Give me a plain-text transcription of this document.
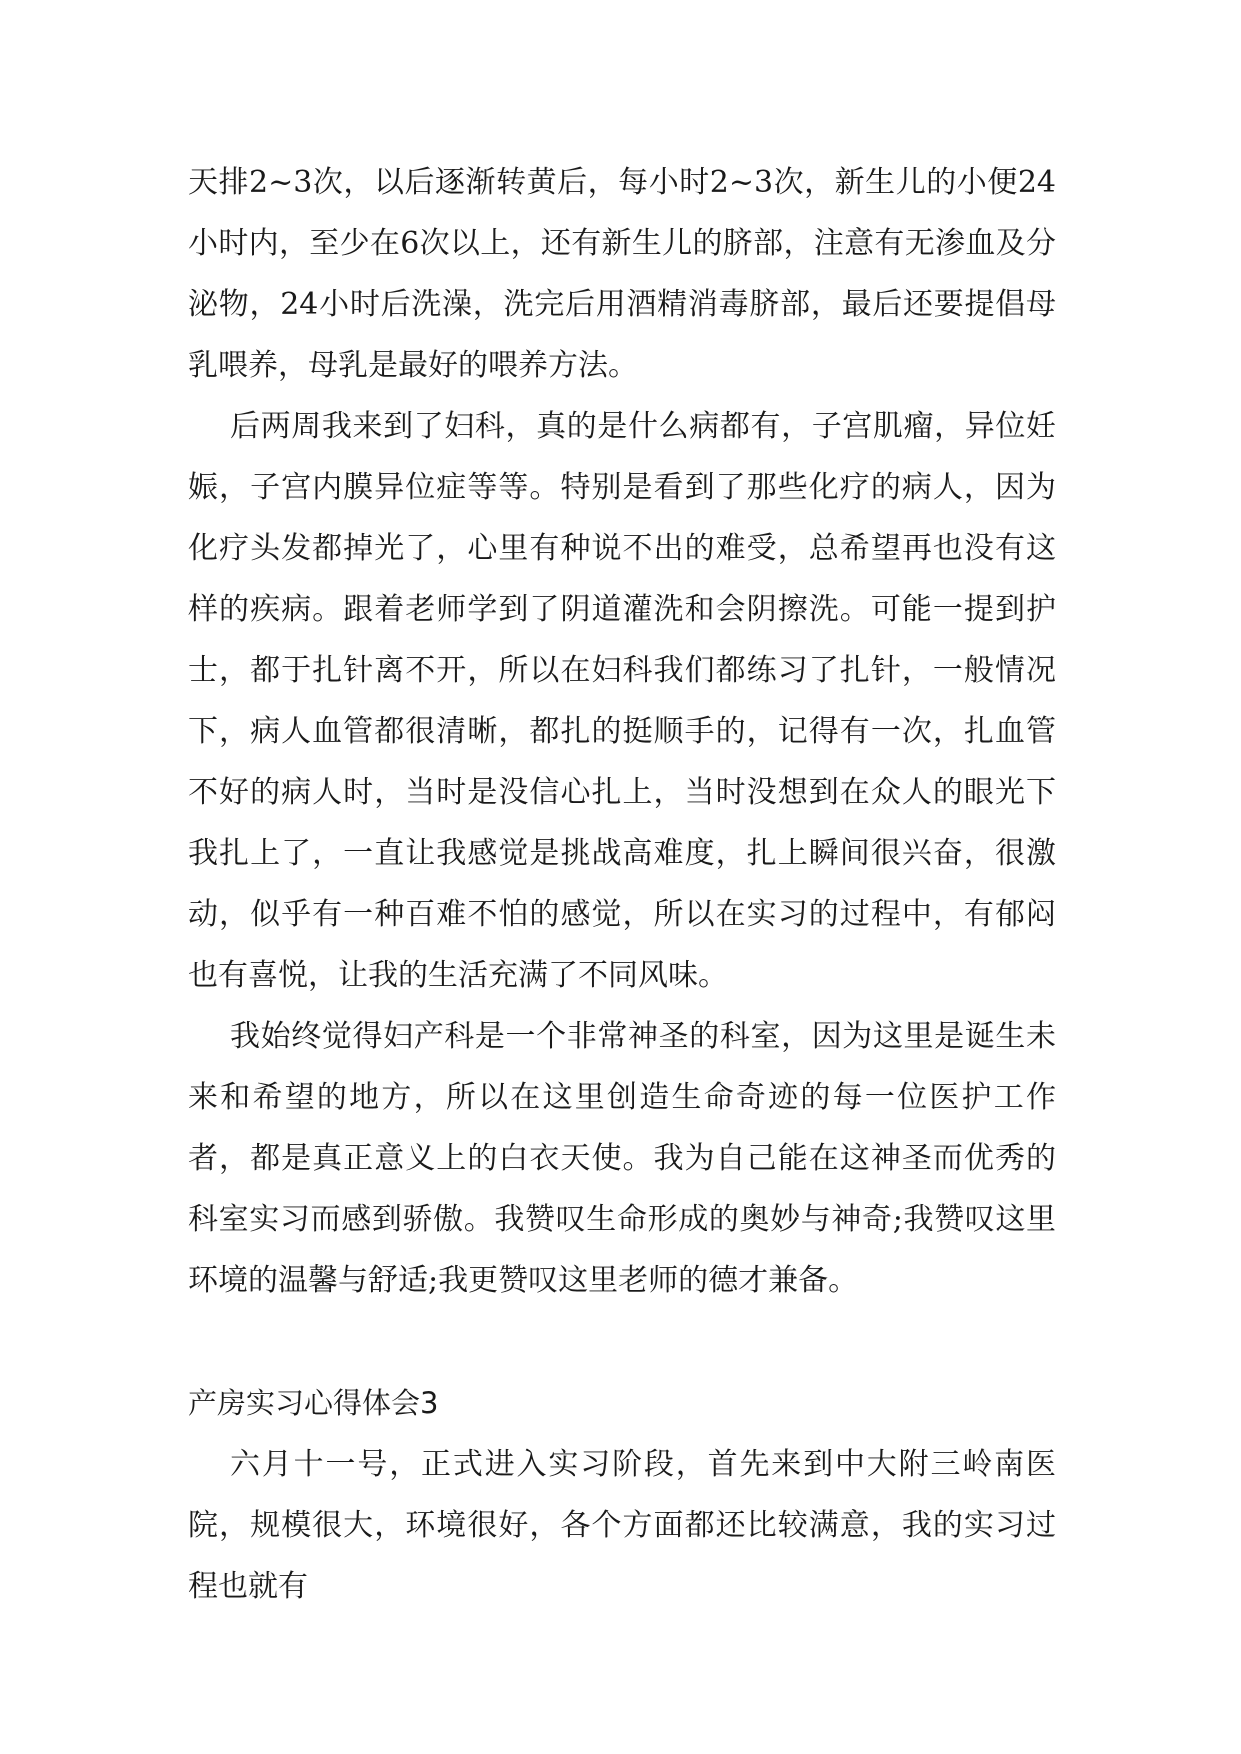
天排2~3次，以后逐渐转黄后，每小时2~3次，新生儿的小便24小时内，至少在6次以上，还有新生儿的脐部，注意有无渗血及分泌物，24小时后洗澡，洗完后用酒精消毒脐部，最后还要提倡母乳喂养，母乳是最好的喂养方法。

后两周我来到了妇科，真的是什么病都有，子宫肌瘤，异位妊娠，子宫内膜异位症等等。特别是看到了那些化疗的病人，因为化疗头发都掉光了，心里有种说不出的难受，总希望再也没有这样的疾病。跟着老师学到了阴道灌洗和会阴擦洗。可能一提到护士，都于扎针离不开，所以在妇科我们都练习了扎针，一般情况下，病人血管都很清晰，都扎的挺顺手的，记得有一次，扎血管不好的病人时，当时是没信心扎上，当时没想到在众人的眼光下我扎上了，一直让我感觉是挑战高难度，扎上瞬间很兴奋，很激动，似乎有一种百难不怕的感觉，所以在实习的过程中，有郁闷也有喜悦，让我的生活充满了不同风味。

我始终觉得妇产科是一个非常神圣的科室，因为这里是诞生未来和希望的地方，所以在这里创造生命奇迹的每一位医护工作者，都是真正意义上的白衣天使。我为自己能在这神圣而优秀的科室实习而感到骄傲。我赞叹生命形成的奥妙与神奇;我赞叹这里环境的温馨与舒适;我更赞叹这里老师的德才兼备。

产房实习心得体会3

六月十一号，正式进入实习阶段，首先来到中大附三岭南医院，规模很大，环境很好，各个方面都还比较满意，我的实习过程也就有
